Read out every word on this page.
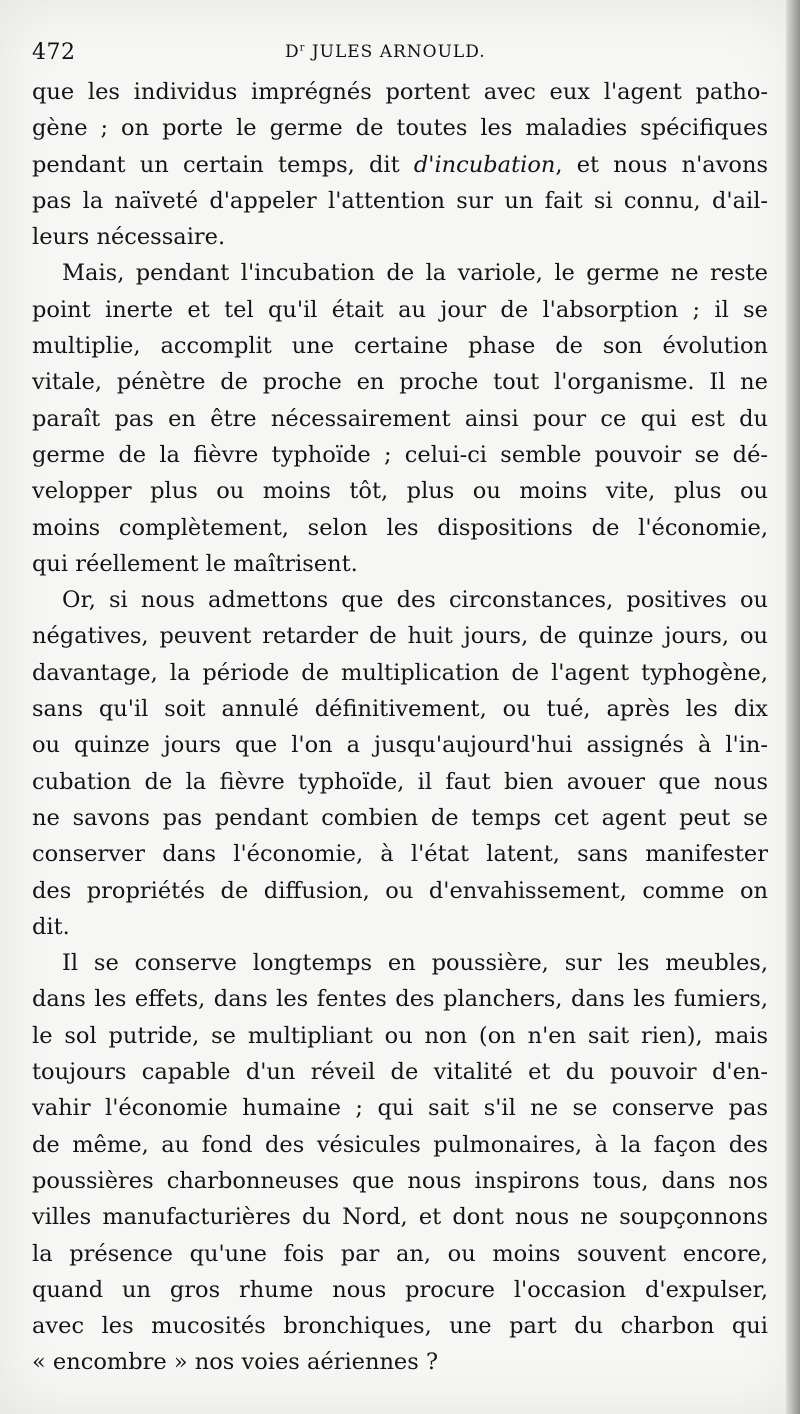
472	$D^r$ JULES ARNOULD.
que les individus imprégnés portent avec eux l'agent patho-
gène ; on porte le germe de toutes les maladies spécifiques
pendant un certain temps, dit d'incubation, et nous n'avons
pas la naïveté d'appeler l'attention sur un fait si connu, d'ail-
leurs nécessaire.
Mais, pendant l'incubation de la variole, le germe ne reste
point inerte et tel qu'il était au jour de l'absorption ; il se
multiplie, accomplit une certaine phase de son évolution
vitale, pénètre de proche en proche tout l'organisme. Il ne
paraît pas en être nécessairement ainsi pour ce qui est du
germe de la fièvre typhoïde ; celui-ci semble pouvoir se dé-
velopper plus ou moins tôt, plus ou moins vite, plus ou
moins complètement, selon les dispositions de l'économie,
qui réellement le maîtrisent.
Or, si nous admettons que des circonstances, positives ou
négatives, peuvent retarder de huit jours, de quinze jours, ou
davantage, la période de multiplication de l'agent typhogène,
sans qu'il soit annulé définitivement, ou tué, après les dix
ou quinze jours que l'on a jusqu'aujourd'hui assignés à l'in-
cubation de la fièvre typhoïde, il faut bien avouer que nous
ne savons pas pendant combien de temps cet agent peut se
conserver dans l'économie, à l'état latent, sans manifester
des propriétés de diffusion, ou d'envahissement, comme on
dit.
Il se conserve longtemps en poussière, sur les meubles,
dans les effets, dans les fentes des planchers, dans les fumiers,
le sol putride, se multipliant ou non (on n'en sait rien), mais
toujours capable d'un réveil de vitalité et du pouvoir d'en-
vahir l'économie humaine ; qui sait s'il ne se conserve pas
de même, au fond des vésicules pulmonaires, à la façon des
poussières charbonneuses que nous inspirons tous, dans nos
villes manufacturières du Nord, et dont nous ne soupçonnons
la présence qu'une fois par an, ou moins souvent encore,
quand un gros rhume nous procure l'occasion d'expulser,
avec les mucosités bronchiques, une part du charbon qui
« encombre » nos voies aériennes ?
